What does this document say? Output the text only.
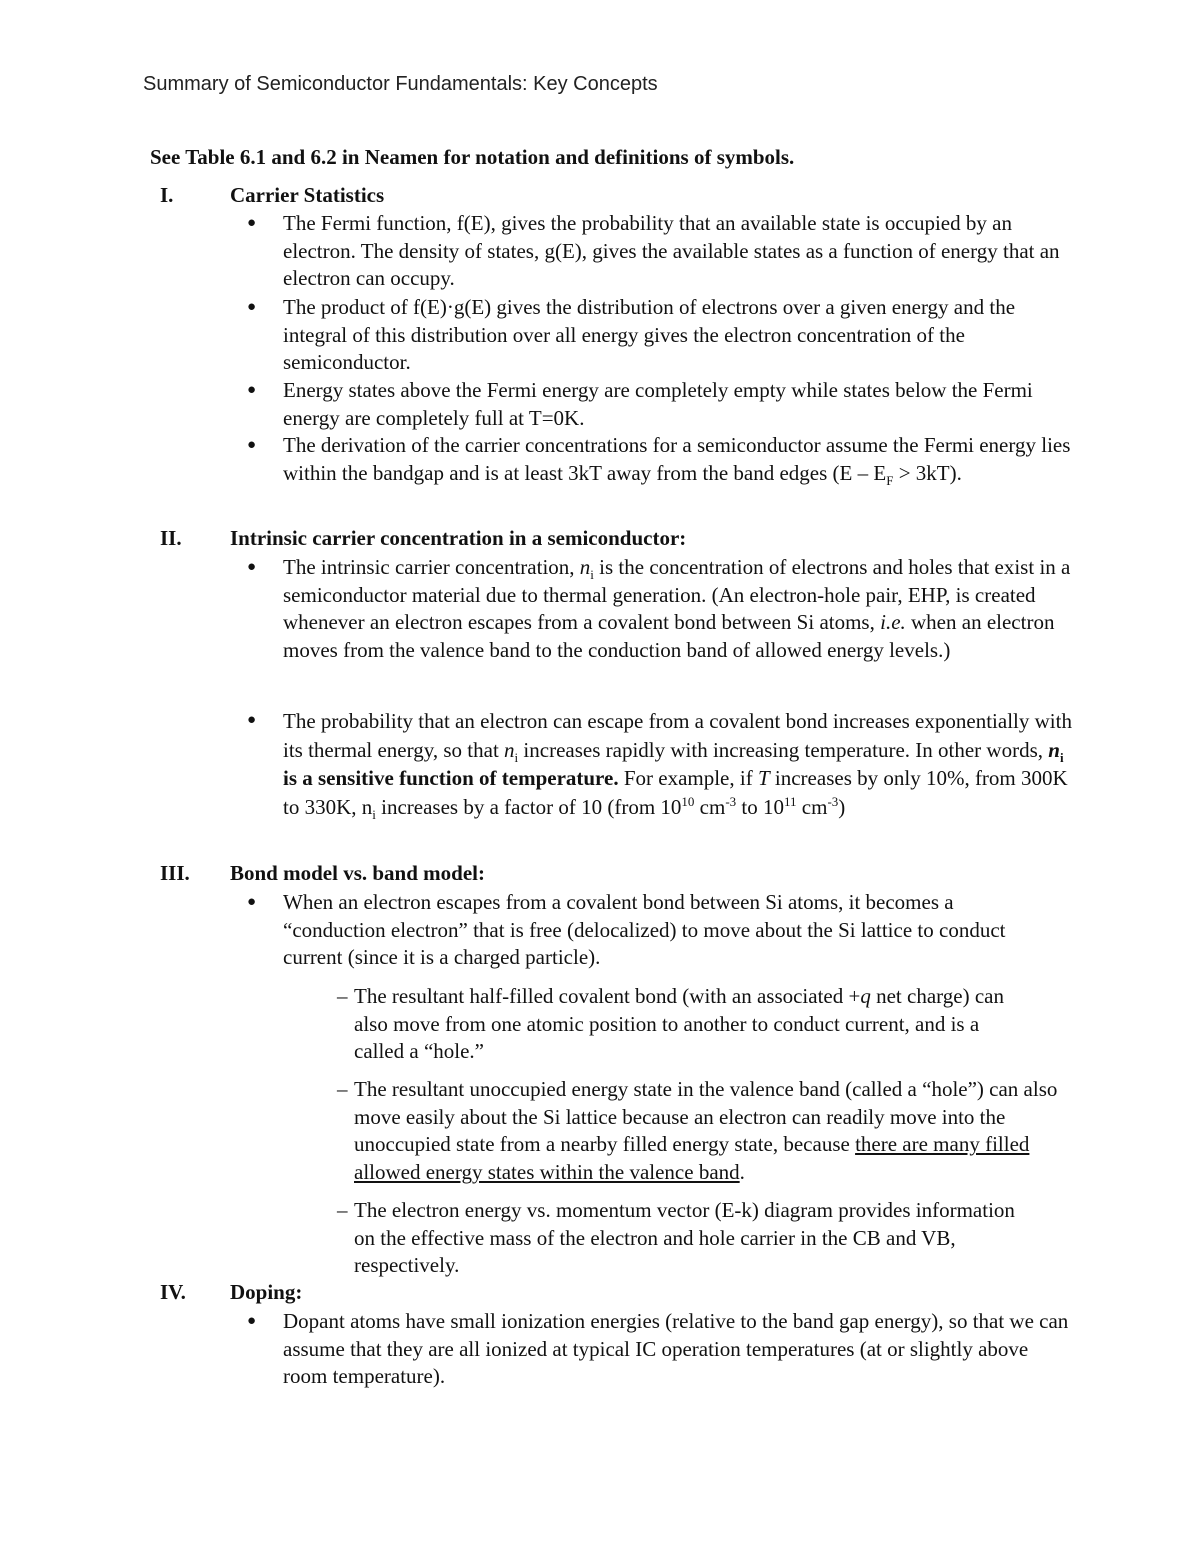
Summary of Semiconductor Fundamentals: Key Concepts
See Table 6.1 and 6.2 in Neamen for notation and definitions of symbols.
I.	Carrier Statistics
● The Fermi function, f(E), gives the probability that an available state is occupied by an electron. The density of states, g(E), gives the available states as a function of energy that an electron can occupy.
● The product of f(E)·g(E) gives the distribution of electrons over a given energy and the integral of this distribution over all energy gives the electron concentration of the semiconductor.
● Energy states above the Fermi energy are completely empty while states below the Fermi energy are completely full at T=0K.
● The derivation of the carrier concentrations for a semiconductor assume the Fermi energy lies within the bandgap and is at least 3kT away from the band edges $(E - E_F > 3kT)$.
II. Intrinsic carrier concentration in a semiconductor:
● The intrinsic carrier concentration, $n_i$ is the concentration of electrons and holes that exist in a semiconductor material due to thermal generation. (An electron-hole pair, EHP, is created whenever an electron escapes from a covalent bond between Si atoms, i.e. when an electron moves from the valence band to the conduction band of allowed energy levels.)
● The probability that an electron can escape from a covalent bond increases exponentially with its thermal energy, so that $n_i$ increases rapidly with increasing temperature. In other words, $n_i$ is a sensitive function of temperature. For example, if T increases by only 10%, from 300K to 330K, $n_i$ increases by a factor of 10 (from $10^{10}$ $cm^{-3}$ to $10^{11}$ $cm^{-3}$)
III. Bond model vs. band model:
● When an electron escapes from a covalent bond between Si atoms, it becomes a “conduction electron” that is free (delocalized) to move about the Si lattice to conduct current (since it is a charged particle).
– The resultant half-filled covalent bond (with an associated +q net charge) can also move from one atomic position to another to conduct current, and is a called a “hole.”
– The resultant unoccupied energy state in the valence band (called a “hole”) can also move easily about the Si lattice because an electron can readily move into the unoccupied state from a nearby filled energy state, because there are many filled allowed energy states within the valence band.
– The electron energy vs. momentum vector (E-k) diagram provides information on the effective mass of the electron and hole carrier in the CB and VB, respectively.
IV. Doping:
● Dopant atoms have small ionization energies (relative to the band gap energy), so that we can assume that they are all ionized at typical IC operation temperatures (at or slightly above room temperature).
